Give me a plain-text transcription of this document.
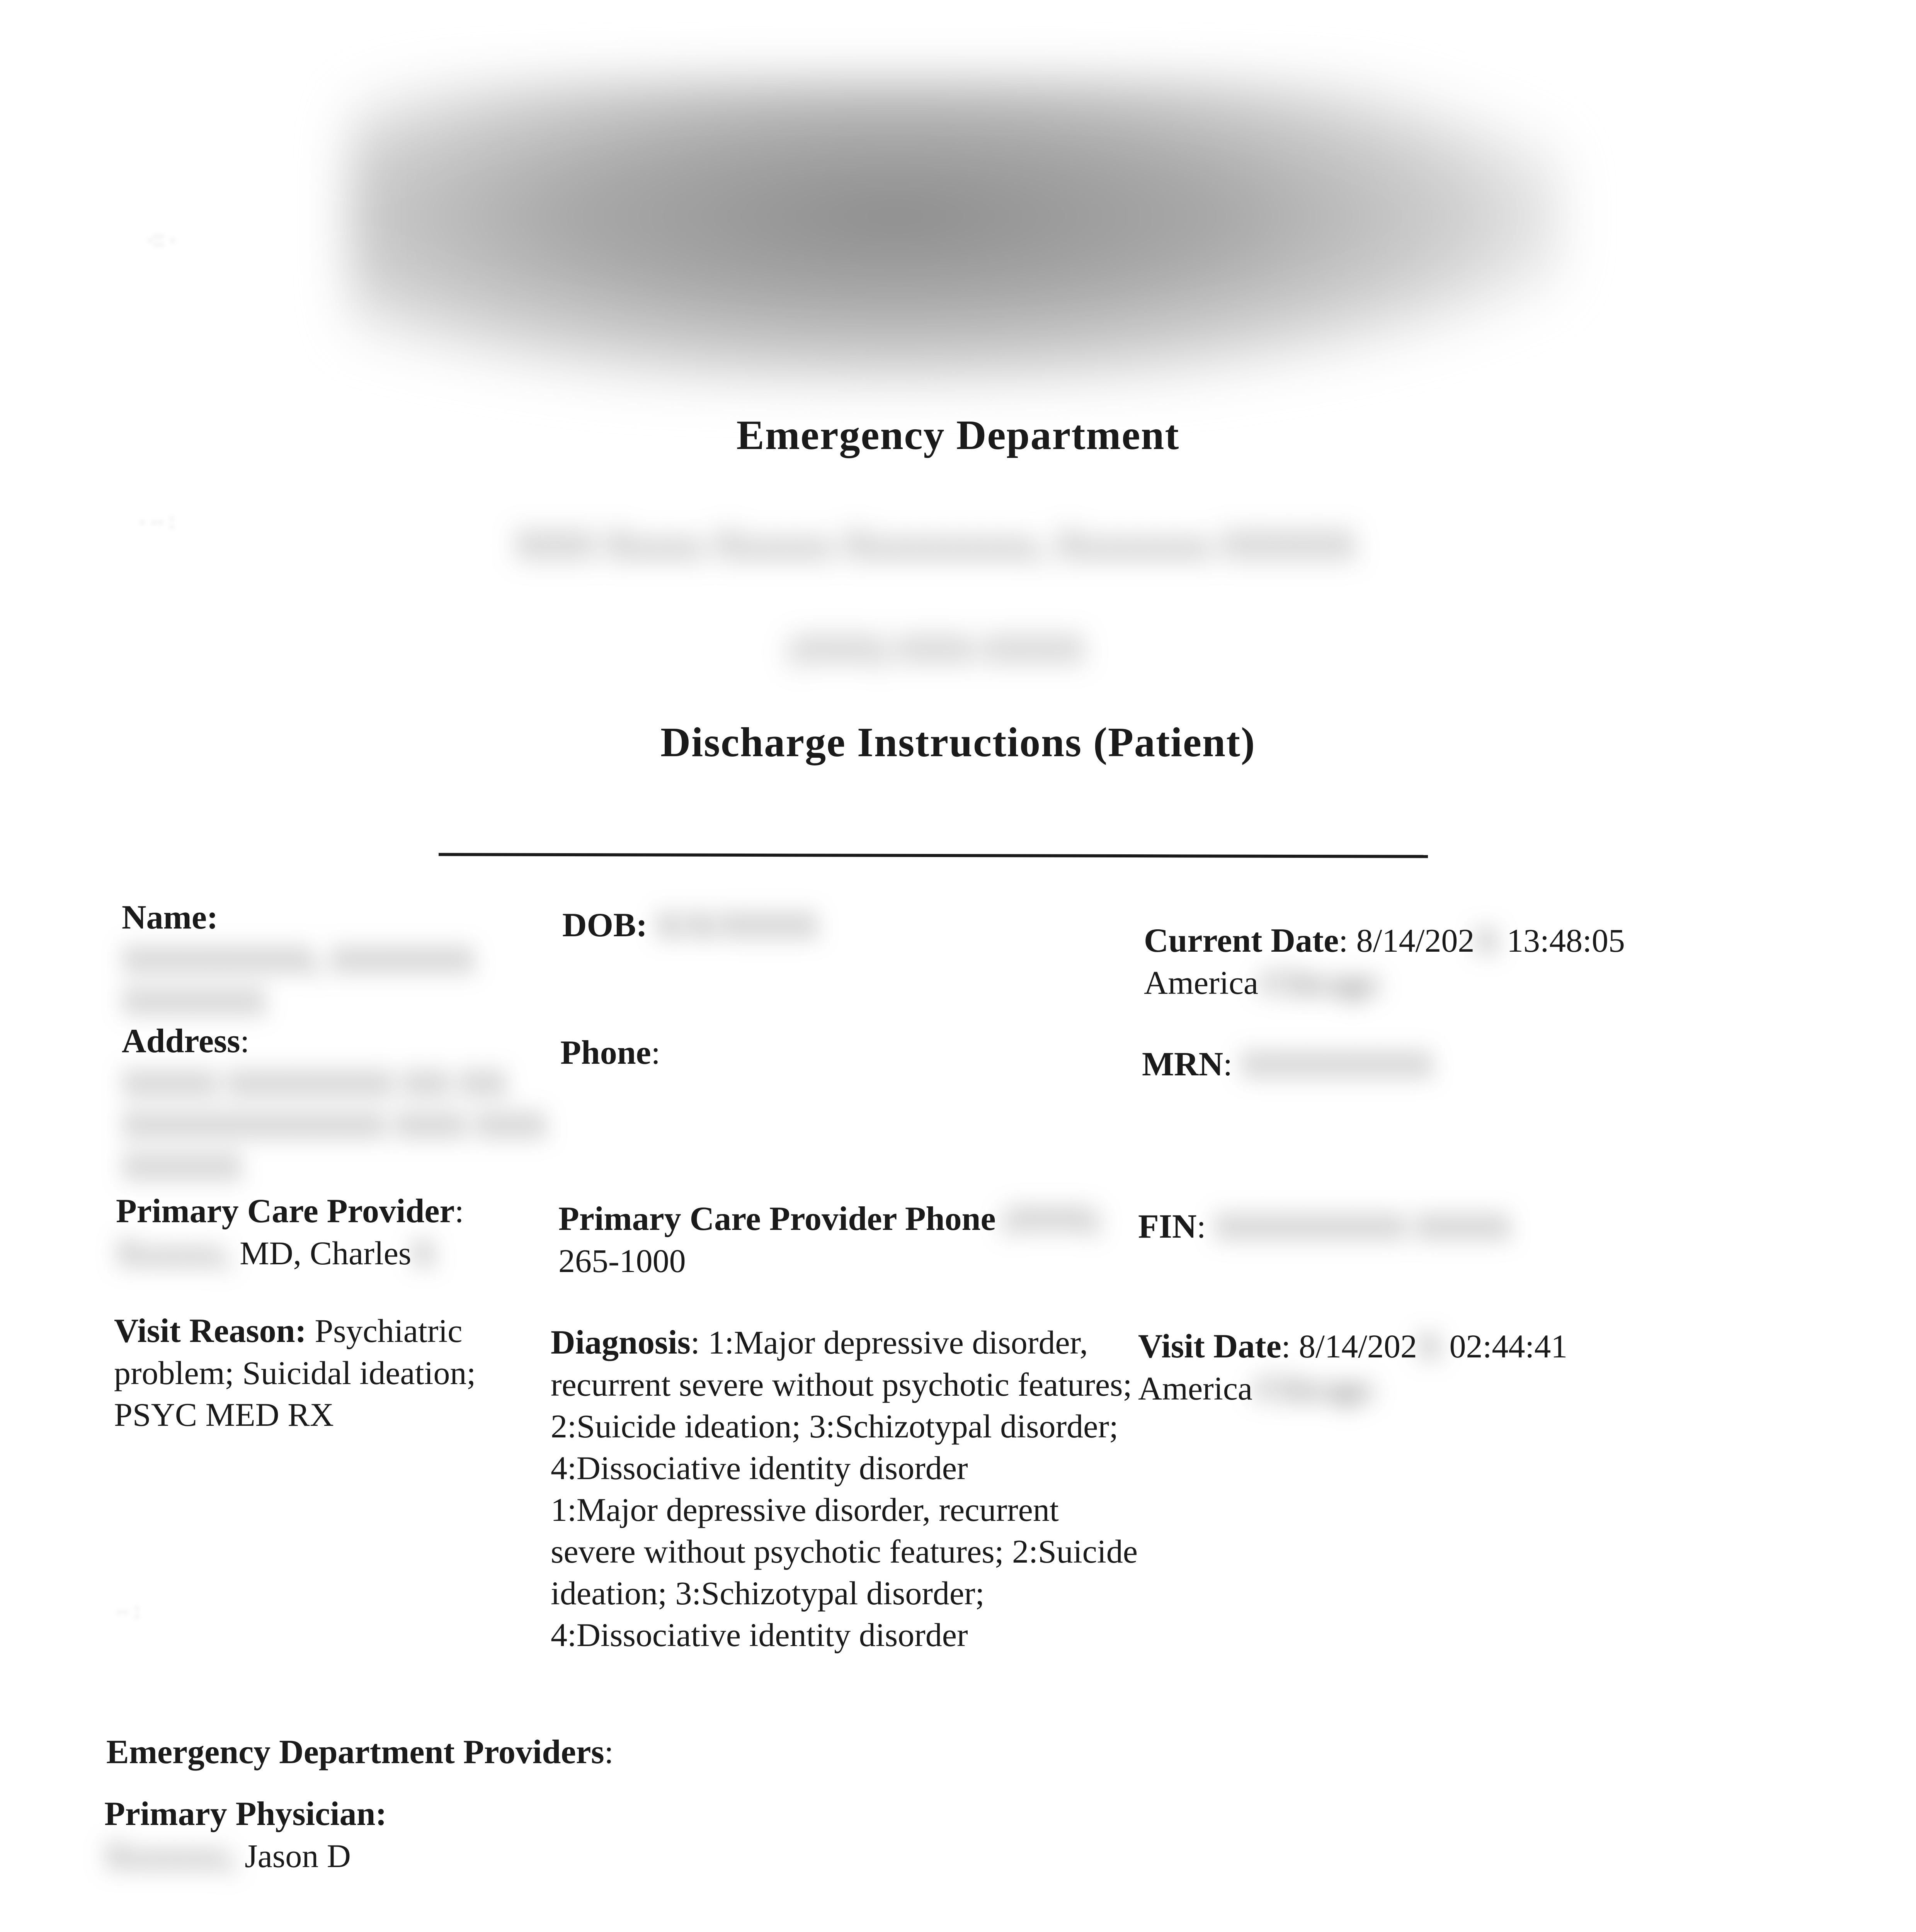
·:: ·
· ·· :
·· :
Emergency Department
XXX Xxxxx Xxxxxx Xxxxxxxxxx, Xxxxxxxx XXXXX
(XXX) XXX-XXXX
Discharge Instructions (Patient)
Name: XXXXXXXX, XXXXXX XXXXXX
DOB: X/X/XXXX	Current Date: 8/14/202X 13:48:05
America/Chicago
Address: XXXX XXXXXXX XX XX XXXXXXXXXXX XXX XXX XXXXX
Phone:	MRN: XXXXXXXX
Primary Care Provider:
Xxxxxx, MD, CharlesX
Primary Care Provider Phone (XXX)
265-1000
FIN: XXXXXXXX XXXX
Visit Reason: Psychiatric problem; Suicidal ideation; PSYC MED RX
Diagnosis: 1:Major depressive disorder, recurrent severe without psychotic features; 2:Suicide ideation; 3:Schizotypal disorder; 4:Dissociative identity disorder
1:Major depressive disorder, recurrent severe without psychotic features; 2:Suicide ideation; 3:Schizotypal disorder; 4:Dissociative identity disorder
Visit Date: 8/14/202X 02:44:41
America/Chicago
Emergency Department Providers:
Primary Physician:
Xxxxxxx, Jason D
